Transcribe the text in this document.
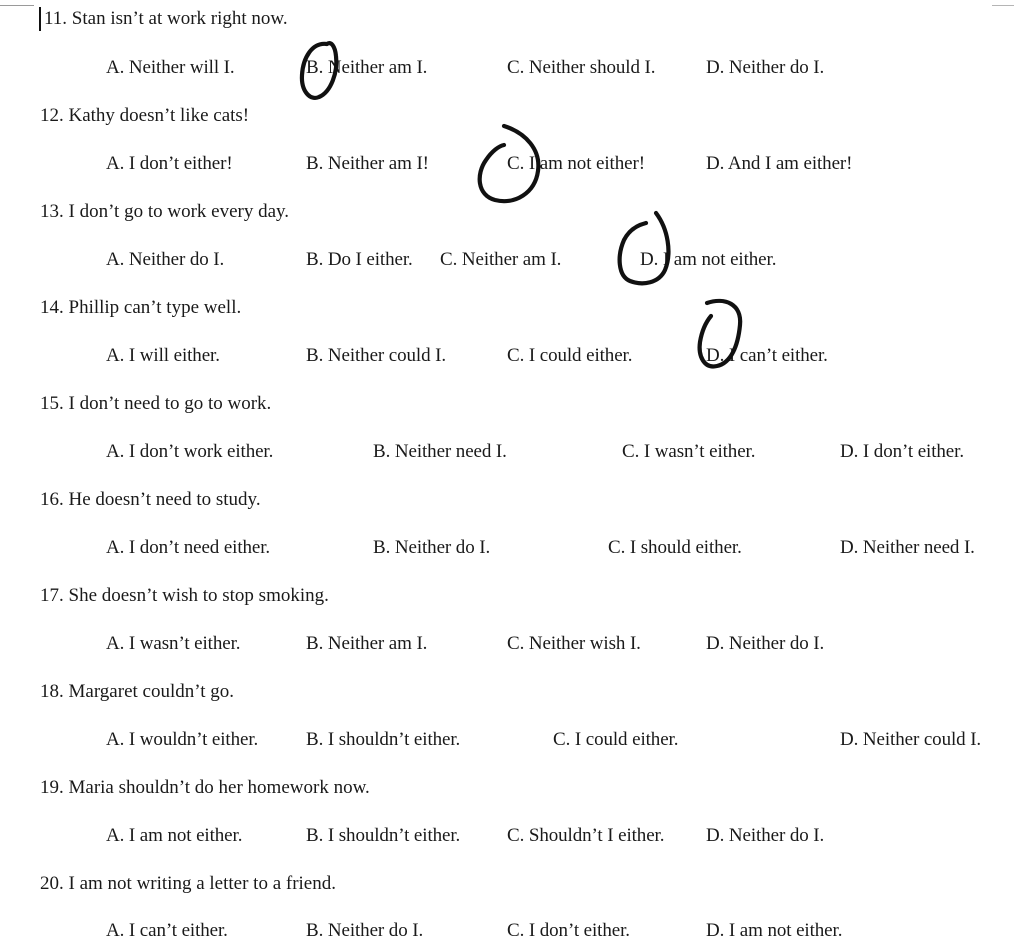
11. Stan isn’t at work right now.
A. Neither will I.	B. Neither am I.	C. Neither should I.	D. Neither do I.
12. Kathy doesn’t like cats!
A. I don’t either!	B. Neither am I!	C. I am not either!	D. And I am either!
13. I don’t go to work every day.
A. Neither do I.	B. Do I either. C. Neither am I.	D. I am not either.
14. Phillip can’t type well.
A. I will either.	B. Neither could I.	C. I could either.	D. I can’t either.
15. I don’t need to go to work.
A. I don’t work either.	B. Neither need I.	C. I wasn’t either.	D. I don’t either.
16. He doesn’t need to study.
A. I don’t need either.	B. Neither do I.	C. I should either.	D. Neither need I.
17. She doesn’t wish to stop smoking.
A. I wasn’t either.	B. Neither am I.	C. Neither wish I.	D. Neither do I.
18. Margaret couldn’t go.
A. I wouldn’t either.	B. I shouldn’t either.	C. I could either.	D. Neither could I.
19. Maria shouldn’t do her homework now.
A. I am not either.	B. I shouldn’t either. C. Shouldn’t I either. D. Neither do I.
20. I am not writing a letter to a friend.
A. I can’t either.	B. Neither do I.	C. I don’t either.	D. I am not either.
